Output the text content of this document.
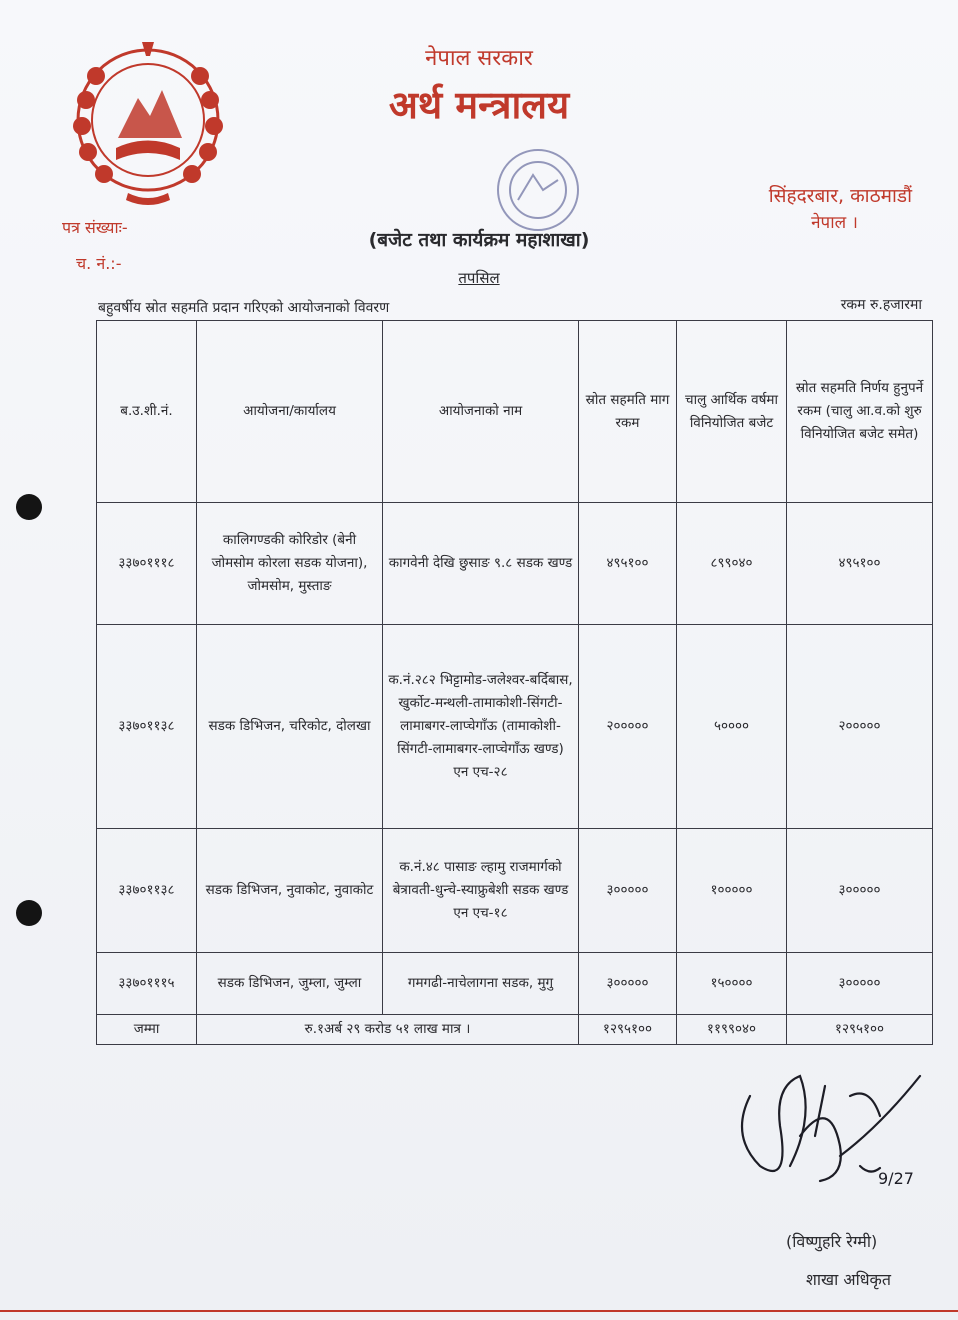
नेपाल सरकार
अर्थ मन्त्रालय
सिंहदरबार, काठमाडौं
नेपाल ।
पत्र संख्याः-
च. नं.:-
(बजेट तथा कार्यक्रम महाशाखा)
तपसिल
बहुवर्षीय स्रोत सहमति प्रदान गरिएको आयोजनाको विवरण	रकम रु.हजारमा
ब.उ.शी.नं.	आयोजना/कार्यालय	आयोजनाको नाम	स्रोत सहमति माग रकम	चालु आर्थिक वर्षमा विनियोजित बजेट	स्रोत सहमति निर्णय हुनुपर्ने रकम (चालु आ.व.को शुरु विनियोजित बजेट समेत)
३३७०१११८	कालिगण्डकी कोरिडोर (बेनी जोमसोम कोरला सडक योजना), जोमसोम, मुस्ताङ	कागवेनी देखि छुसाङ ९.८ सडक खण्ड	४९५१००	८९९०४०	४९५१००
३३७०११३८	सडक डिभिजन, चरिकोट, दोलखा	क.नं.२८२ भिट्टामोड-जलेश्वर-बर्दिबास, खुर्कोट-मन्थली-तामाकोशी-सिंगटी-लामाबगर-लाप्चेगाँऊ (तामाकोशी-सिंगटी-लामाबगर-लाप्चेगाँऊ खण्ड) एन एच-२८	२०००००	५००००	२०००००
३३७०११३८	सडक डिभिजन, नुवाकोट, नुवाकोट	क.नं.४८ पासाङ ल्हामु राजमार्गको बेत्रावती-धुन्चे-स्याफ्रुबेशी सडक खण्ड एन एच-१८	३०००००	१०००००	३०००००
३३७०१११५	सडक डिभिजन, जुम्ला, जुम्ला	गमगढी-नाचेलागना सडक, मुगु	३०००००	१५००००	३०००००
जम्मा	रु.१अर्ब २९ करोड ५१ लाख मात्र ।		१२९५१००	११९९०४०	१२९५१००
9/27
(विष्णुहरि रेग्मी)
शाखा अधिकृत
